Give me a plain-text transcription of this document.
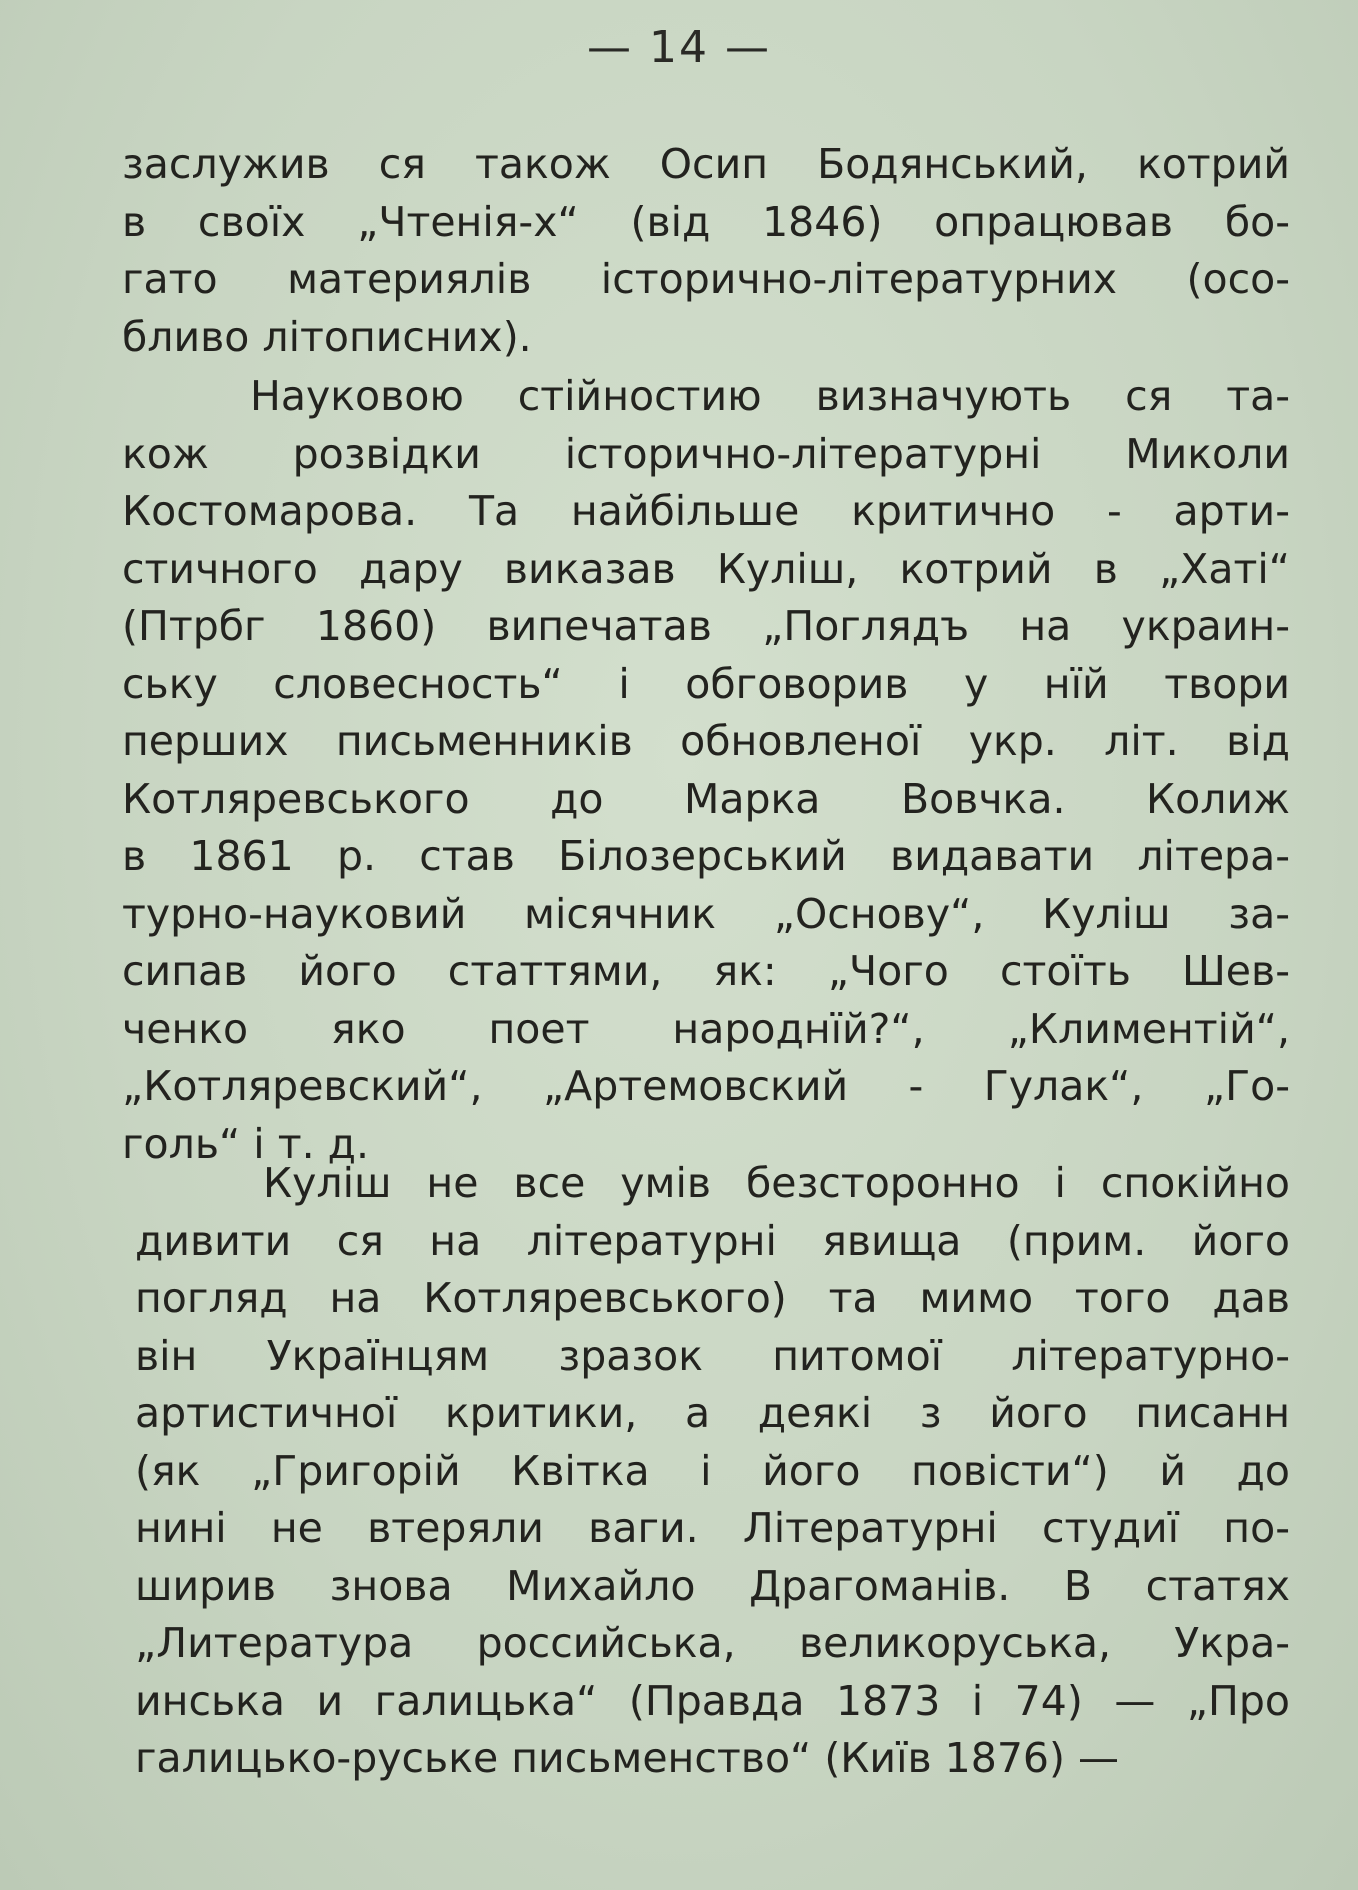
— 14 —
заслужив ся також Осип Бодянський, котрий
в своїх „Чтенія-х“ (від 1846) опрацював бо-
гато материялів історично-літературних (осо-
бливо літописних).
Науковою стійностию визначують ся та-
кож розвідки історично-літературні Миколи
Костомарова. Та найбільше критично - арти-
стичного дару виказав Куліш, котрий в „Хаті“
(Птрбг 1860) випечатав „Поглядъ на украин-
ську словесность“ і обговорив у нїй твори
перших письменників обновленої укр. літ. від
Котляревського до Марка Вовчка. Колиж
в 1861 р. став Білозерський видавати літера-
турно-науковий місячник „Основу“, Куліш за-
сипав його статтями, як: „Чого стоїть Шев-
ченко яко поет народнїй?“, „Климентій“,
„Котляревский“, „Артемовский - Гулак“, „Го-
голь“ і т. д.
Куліш не все умів безсторонно і спокійно
дивити ся на літературні явища (прим. його
погляд на Котляревського) та мимо того дав
він Українцям зразок питомої літературно-
артистичної критики, а деякі з його писанн
(як „Григорій Квітка і його повісти“) й до
нині не втеряли ваги. Літературні студиї по-
ширив знова Михайло Драгоманів. В статях
„Литература российська, великоруська, Укра-
инська и галицька“ (Правда 1873 і 74) — „Про
галицько-руське письменство“ (Київ 1876) —
